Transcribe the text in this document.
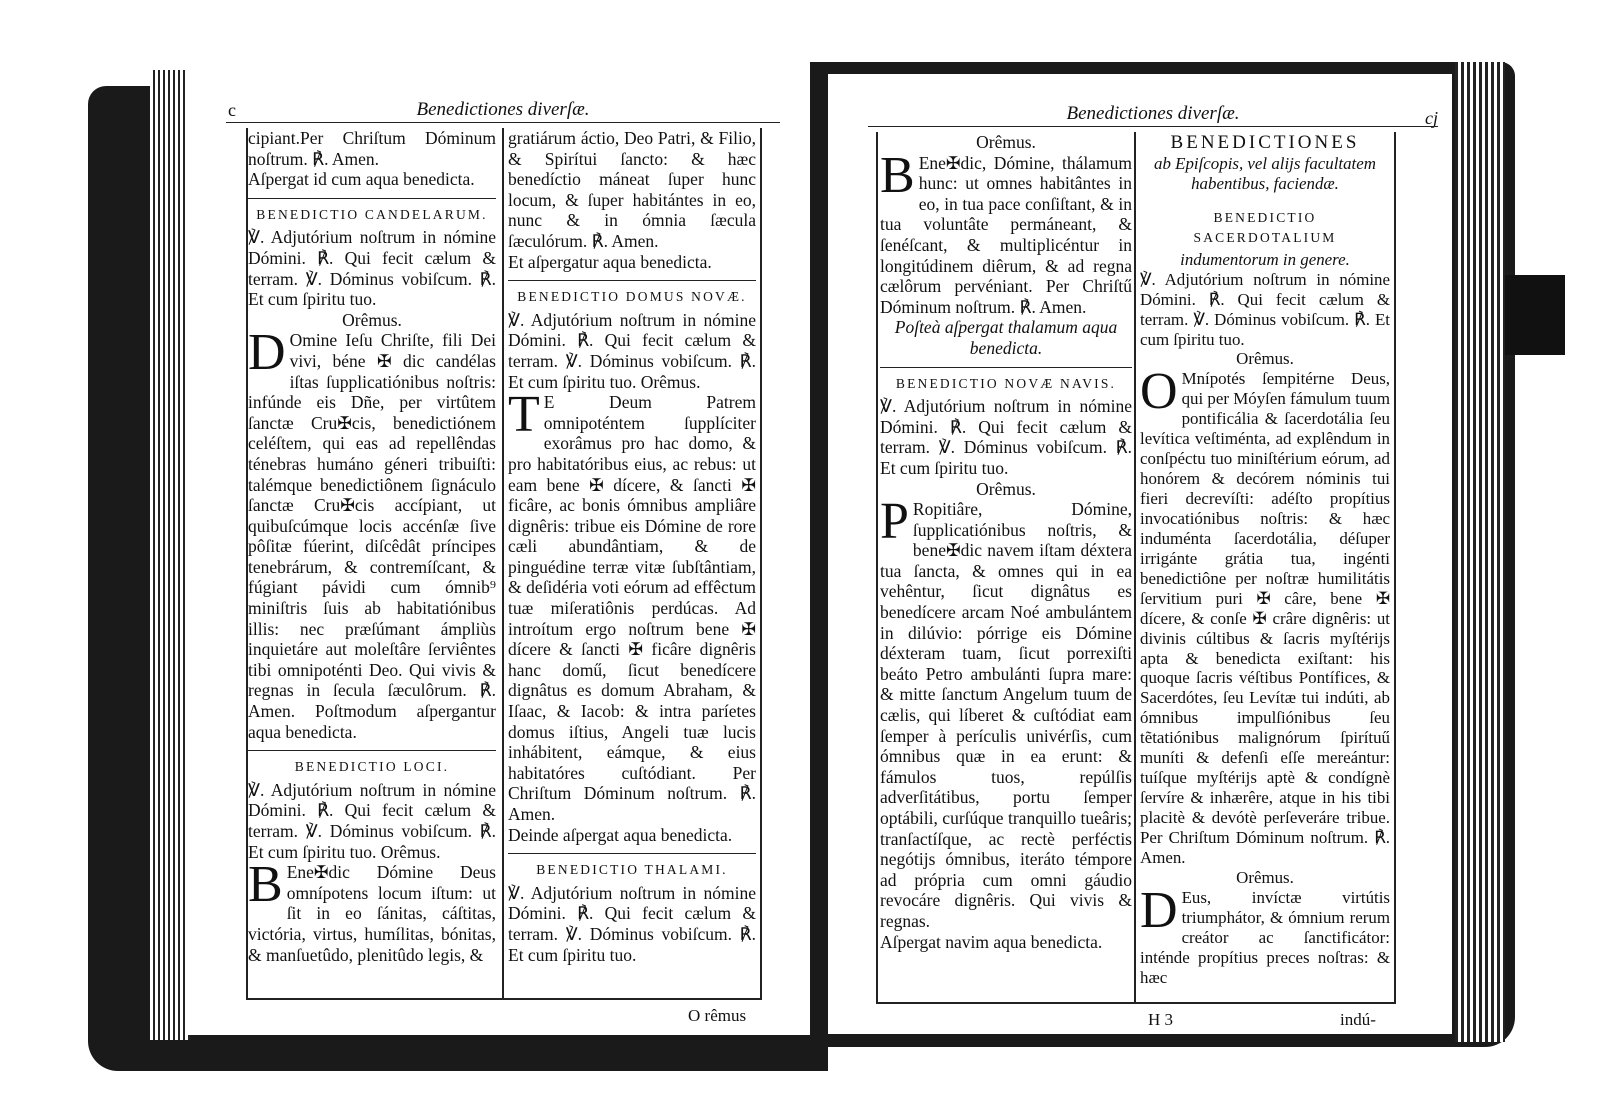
c	Benedictiones diverſæ.
cipiant.Per Chriſtum Dóminum noſtrum. ℟. Amen.
Aſpergat id cum aqua benedicta.
BENEDICTIO CANDELARUM.
℣. Adjutórium noſtrum in nómine Dómini. ℟. Qui fecit cælum & terram. ℣. Dóminus vobiſcum. ℟. Et cum ſpiritu tuo.
Orêmus.
D Omine Ieſu Chriſte, fili Dei vivi, béne ✠ dic candélas iſtas ſupplicatiónibus noſtris: infúnde eis Dñe, per virtûtem ſanctæ Cru✠cis, benedictiónem celéſtem, qui eas ad repellêndas ténebras humáno géneri tribuiſti: talémque benedictiônem ſignáculo ſanctæ Cru✠cis accípiant, ut quibuſcúmque locis accénſæ ſive pôſitæ fúerint, diſcêdât príncipes tenebrárum, & contremíſcant, & fúgiant pávidi cum ómnib⁹ miniſtris ſuis ab habitatiónibus illis: nec præſúmant ámpliùs inquietáre aut moleſtâre ſerviêntes tibi omnipoténti Deo. Qui vivis & regnas in ſecula ſæculôrum. ℟. Amen. Poſtmodum aſpergantur aqua benedicta.
BENEDICTIO LOCI.
℣. Adjutórium noſtrum in nómine Dómini. ℟. Qui fecit cælum & terram. ℣. Dóminus vobiſcum. ℟. Et cum ſpiritu tuo. Orêmus.
B Ene✠dic Dómine Deus omnípotens locum iſtum: ut ſit in eo ſánitas, cáſtitas, victória, virtus, humílitas, bónitas, & manſuetûdo, plenitûdo legis, &
gratiárum áctio, Deo Patri, & Filio, & Spirítui ſancto: & hæc benedíctio máneat ſuper hunc locum, & ſuper habitántes in eo, nunc & in ómnia ſæcula ſæculórum. ℟. Amen.
Et aſpergatur aqua benedicta.
BENEDICTIO DOMUS NOVÆ.
℣. Adjutórium noſtrum in nómine Dómini. ℟. Qui fecit cælum & terram. ℣. Dóminus vobiſcum. ℟. Et cum ſpiritu tuo. Orêmus.
T E Deum Patrem omnipoténtem ſupplíciter exorâmus pro hac domo, & pro habitatóribus eius, ac rebus: ut eam bene ✠ dícere, & ſancti ✠ ficâre, ac bonis ómnibus ampliâre dignêris: tribue eis Dómine de rore cæli abundântiam, & de pinguédine terræ vitæ ſubſtântiam, & deſidéria voti eórum ad effêctum tuæ miſeratiônis perdúcas. Ad introítum ergo noſtrum bene ✠ dícere & ſancti ✠ ficâre dignêris hanc domű, ſicut benedícere dignâtus es domum Abraham, & Iſaac, & Iacob: & intra paríetes domus iſtius, Angeli tuæ lucis inhábitent, eámque, & eius habitatóres cuſtódiant. Per Chriſtum Dóminum noſtrum. ℟. Amen.
Deinde aſpergat aqua benedicta.
BENEDICTIO THALAMI.
℣. Adjutórium noſtrum in nómine Dómini. ℟. Qui fecit cælum & terram. ℣. Dóminus vobiſcum. ℟. Et cum ſpiritu tuo.
O rêmus
cj
Benedictiones diverſæ.
Orêmus.
B Ene✠dic, Dómine, thálamum hunc: ut omnes habitântes in eo, in tua pace conſiſtant, & in tua voluntâte permáneant, & ſenéſcant, & multiplicéntur in longitúdinem diêrum, & ad regna cælôrum pervéniant. Per Chriſtű Dóminum noſtrum. ℟. Amen.
Poſteà aſpergat thalamum aqua benedicta.
BENEDICTIO NOVÆ NAVIS.
℣. Adjutórium noſtrum in nómine Dómini. ℟. Qui fecit cælum & terram. ℣. Dóminus vobiſcum. ℟. Et cum ſpiritu tuo.
Orêmus.
P Ropitiâre, Dómine, ſupplicatiónibus noſtris, & bene✠dic navem iſtam déxtera tua ſancta, & omnes qui in ea vehêntur, ſicut dignâtus es benedícere arcam Noé ambulántem in dilúvio: pórrige eis Dómine déxteram tuam, ſicut porrexiſti beáto Petro ambulánti ſupra mare: & mitte ſanctum Angelum tuum de cælis, qui líberet & cuſtódiat eam ſemper à perículis univérſis, cum ómnibus quæ in ea erunt: & fámulos tuos, repúlſis adverſitátibus, portu ſemper optábili, curſúque tranquillo tueâris; tranſactíſque, ac rectè perféctis negótijs ómnibus, iteráto témpore ad própria cum omni gáudio revocáre dignêris. Qui vivis & regnas.
Aſpergat navim aqua benedicta.
BENEDICTIONES
ab Epiſcopis, vel alijs facultatem habentibus, faciendæ.
BENEDICTIO SACERDOTALIUM
indumentorum in genere.
℣. Adjutórium noſtrum in nómine Dómini. ℟. Qui fecit cælum & terram. ℣. Dóminus vobiſcum. ℟. Et cum ſpiritu tuo.
Orêmus.
O Mnípotés ſempitérne Deus, qui per Móyſen fámulum tuum pontificália & ſacerdotália ſeu levítica veſtiménta, ad explêndum in conſpéctu tuo miniſtérium eórum, ad honórem & decórem nóminis tui fieri decrevíſti: adéſto propítius invocatiónibus noſtris: & hæc induménta ſacerdotália, déſuper irrigánte grátia tua, ingénti benedictiône per noſtræ humilitátis ſervitium puri ✠ câre, bene ✠ dícere, & conſe ✠ crâre dignêris: ut divinis cúltibus & ſacris myſtérijs apta & benedicta exiſtant: his quoque ſacris véſtibus Pontífices, & Sacerdótes, ſeu Levítæ tui indúti, ab ómnibus impulſiónibus ſeu tẽtatiónibus malignórum ſpirítuű muníti & defenſi eſſe mereántur: tuíſque myſtérijs aptè & condígnè ſervíre & inhærêre, atque in his tibi placitè & devótè perſeveráre tribue. Per Chriſtum Dóminum noſtrum. ℟. Amen.
Orêmus.
D Eus, invíctæ virtútis triumphátor, & ómnium rerum creátor ac ſanctificátor: inténde propítius preces noſtras: & hæc
H 3	indú-
